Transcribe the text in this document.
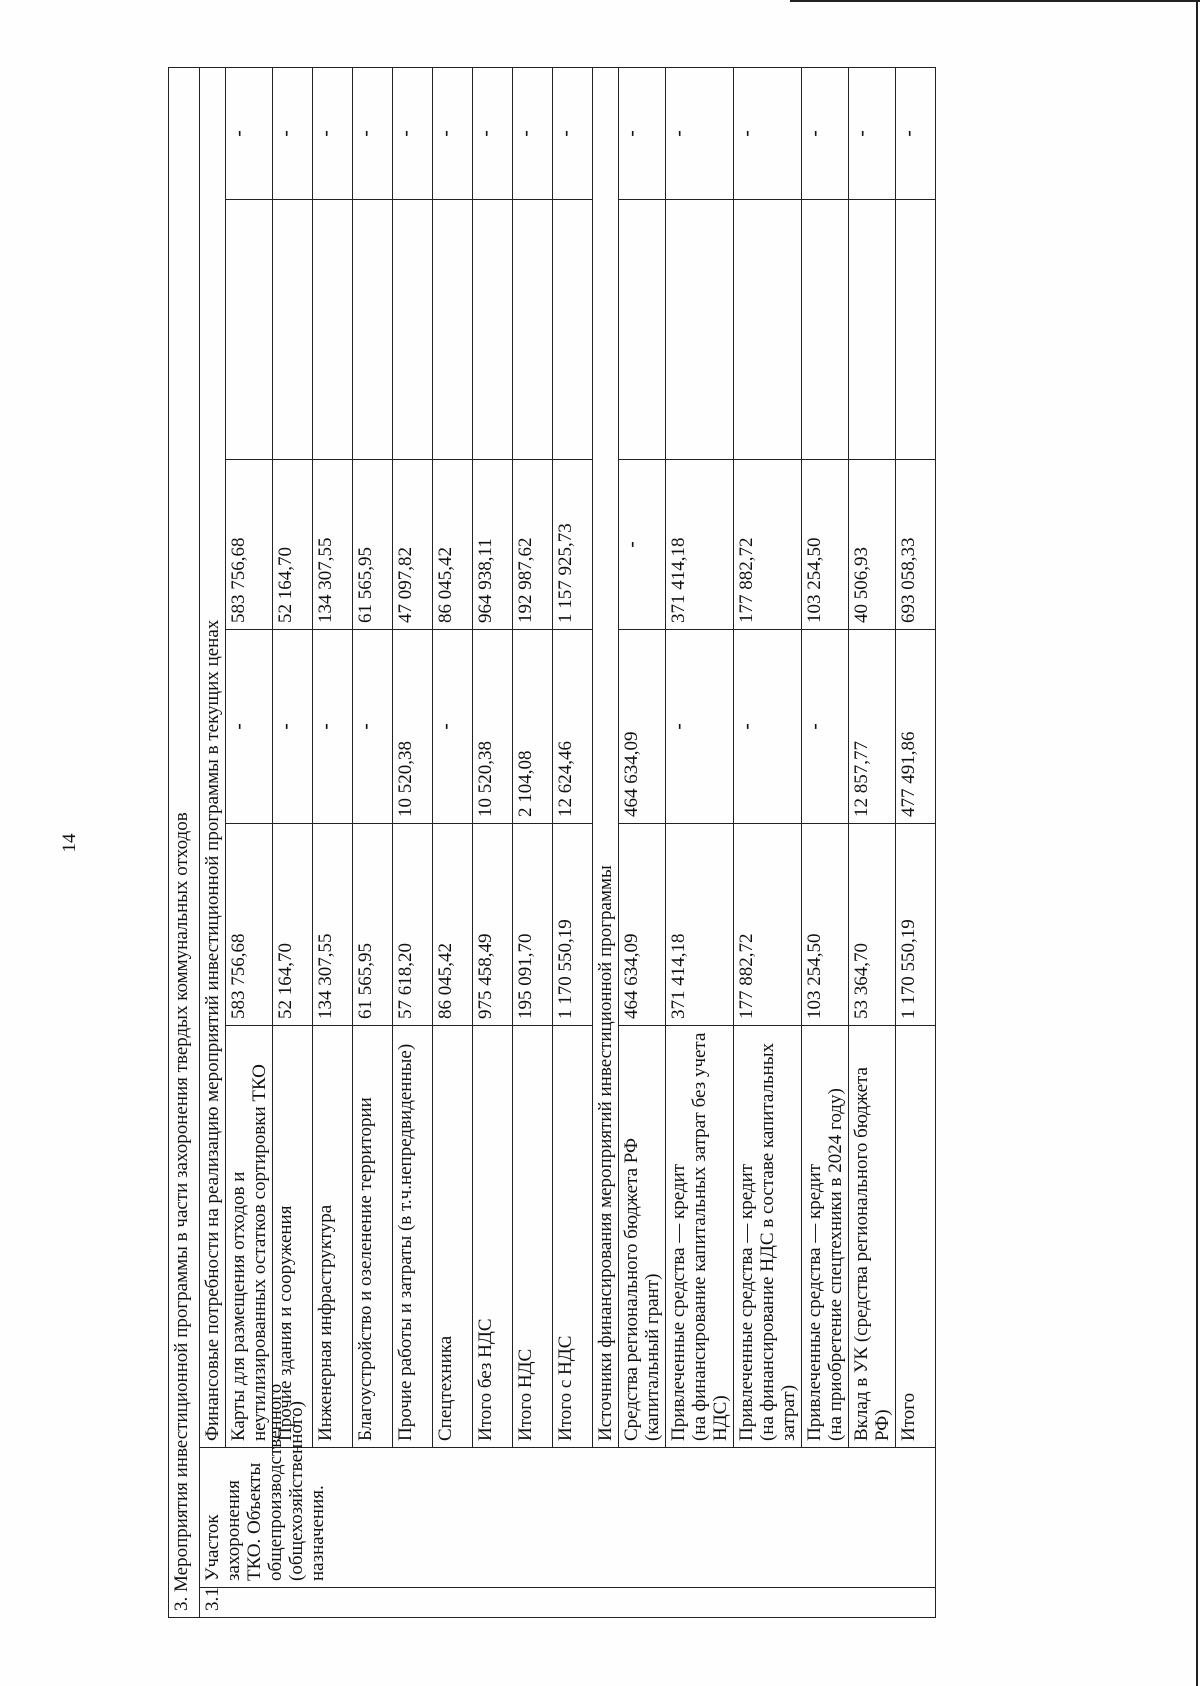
14	3. Мероприятия инвестиционной программы в части захоронения твердых коммунальных отходов							
3.1	Участок захоронения ТКО. Объекты общепроизводственного (общехозяйственного) назначения.	Финансовые потребности на реализацию мероприятий инвестиционной программы в текущих ценах					
		Карты для размещения отходов и неутилизированных остатков сортировки ТКО	583 756,68	-	583 756,68		-
		Прочие здания и сооружения	52 164,70	-	52 164,70		-
		Инженерная инфраструктура	134 307,55	-	134 307,55		-
		Благоустройство и озеленение территории	61 565,95	-	61 565,95		-
		Прочие работы и затраты (в т.ч.непредвиденные)	57 618,20	10 520,38	47 097,82		-
		Спецтехника	86 045,42	-	86 045,42		-
		Итого без НДС	975 458,49	10 520,38	964 938,11		-
		Итого НДС	195 091,70	2 104,08	192 987,62		-
		Итого с НДС	1 170 550,19	12 624,46	1 157 925,73		-
		Источники финансирования мероприятий инвестиционной программы					
		Средства регионального бюджета РФ (капитальный грант)	464 634,09	464 634,09	-		-
		Привлеченные средства — кредит
(на финансирование капитальных затрат без учета НДС)	371 414,18	-	371 414,18		-
		Привлеченные средства — кредит
(на финансирование НДС в составе капитальных затрат)	177 882,72	-	177 882,72		-
		Привлеченные средства — кредит
(на приобретение спецтехники в 2024 году)	103 254,50	-	103 254,50		-
		Вклад в УК (средства регионального бюджета РФ)	53 364,70	12 857,77	40 506,93		-
		Итого	1 170 550,19	477 491,86	693 058,33		-
